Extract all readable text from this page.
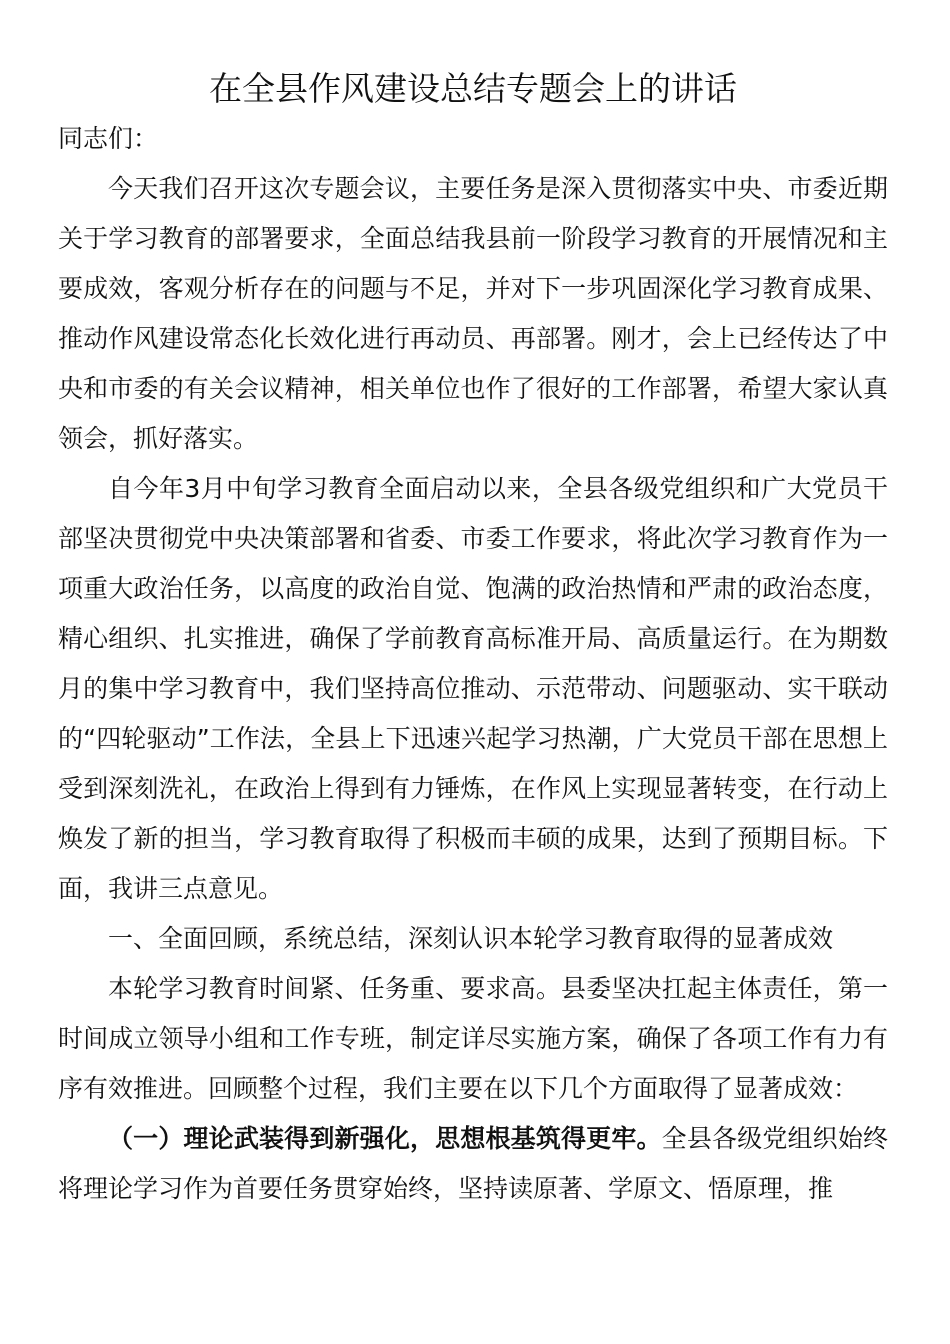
在全县作风建设总结专题会上的讲话

同志们：

今天我们召开这次专题会议，主要任务是深入贯彻落实中央、市委近期关于学习教育的部署要求，全面总结我县前一阶段学习教育的开展情况和主要成效，客观分析存在的问题与不足，并对下一步巩固深化学习教育成果、推动作风建设常态化长效化进行再动员、再部署。刚才，会上已经传达了中央和市委的有关会议精神，相关单位也作了很好的工作部署，希望大家认真领会，抓好落实。

自今年3月中旬学习教育全面启动以来，全县各级党组织和广大党员干部坚决贯彻党中央决策部署和省委、市委工作要求，将此次学习教育作为一项重大政治任务，以高度的政治自觉、饱满的政治热情和严肃的政治态度，精心组织、扎实推进，确保了学前教育高标准开局、高质量运行。在为期数月的集中学习教育中，我们坚持高位推动、示范带动、问题驱动、实干联动的“四轮驱动”工作法，全县上下迅速兴起学习热潮，广大党员干部在思想上受到深刻洗礼，在政治上得到有力锤炼，在作风上实现显著转变，在行动上焕发了新的担当，学习教育取得了积极而丰硕的成果，达到了预期目标。下面，我讲三点意见。

一、全面回顾，系统总结，深刻认识本轮学习教育取得的显著成效

本轮学习教育时间紧、任务重、要求高。县委坚决扛起主体责任，第一时间成立领导小组和工作专班，制定详尽实施方案，确保了各项工作有力有序有效推进。回顾整个过程，我们主要在以下几个方面取得了显著成效：

（一）理论武装得到新强化，思想根基筑得更牢。全县各级党组织始终将理论学习作为首要任务贯穿始终，坚持读原著、学原文、悟原理，推
